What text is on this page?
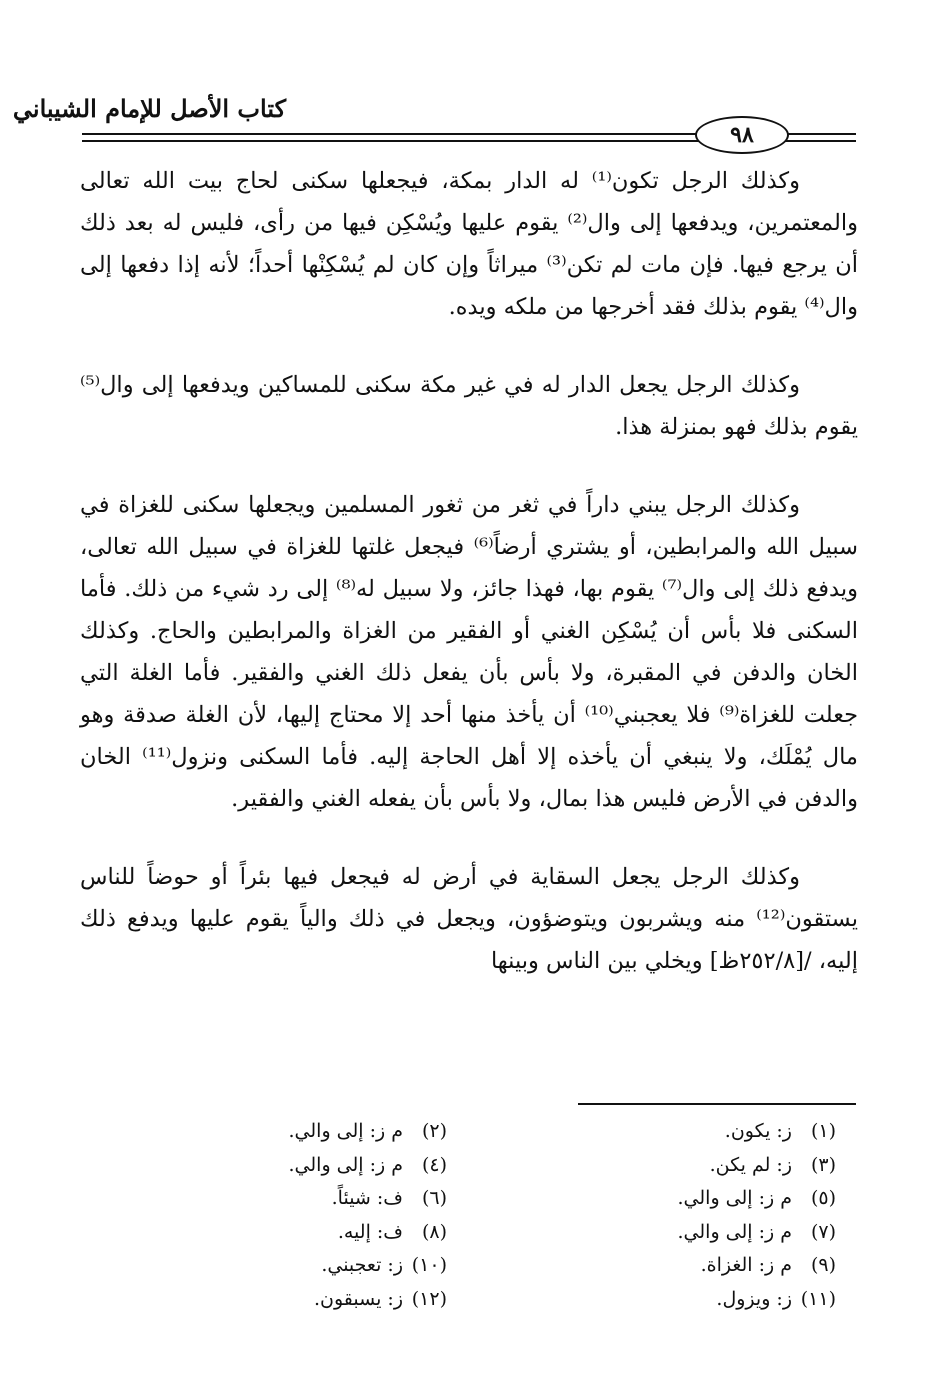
كتاب الأصل للإمام الشيباني
٩٨

وكذلك الرجل تكون⁽¹⁾ له الدار بمكة، فيجعلها سكنى لحاج بيت الله تعالى والمعتمرين، ويدفعها إلى وال⁽²⁾ يقوم عليها ويُسْكِن فيها من رأى، فليس له بعد ذلك أن يرجع فيها. فإن مات لم تكن⁽³⁾ ميراثاً وإن كان لم يُسْكِنْها أحداً؛ لأنه إذا دفعها إلى وال⁽⁴⁾ يقوم بذلك فقد أخرجها من ملكه ويده.

وكذلك الرجل يجعل الدار له في غير مكة سكنى للمساكين ويدفعها إلى وال⁽⁵⁾ يقوم بذلك فهو بمنزلة هذا.

وكذلك الرجل يبني داراً في ثغر من ثغور المسلمين ويجعلها سكنى للغزاة في سبيل الله والمرابطين، أو يشتري أرضاً⁽⁶⁾ فيجعل غلتها للغزاة في سبيل الله تعالى، ويدفع ذلك إلى وال⁽⁷⁾ يقوم بها، فهذا جائز، ولا سبيل له⁽⁸⁾ إلى رد شيء من ذلك. فأما السكنى فلا بأس أن يُسْكِن الغني أو الفقير من الغزاة والمرابطين والحاج. وكذلك الخان والدفن في المقبرة، ولا بأس بأن يفعل ذلك الغني والفقير. فأما الغلة التي جعلت للغزاة⁽⁹⁾ فلا يعجبني⁽¹⁰⁾ أن يأخذ منها أحد إلا محتاج إليها، لأن الغلة صدقة وهو مال يُمْلَك، ولا ينبغي أن يأخذه إلا أهل الحاجة إليه. فأما السكنى ونزول⁽¹¹⁾ الخان والدفن في الأرض فليس هذا بمال، ولا بأس بأن يفعله الغني والفقير.

وكذلك الرجل يجعل السقاية في أرض له فيجعل فيها بئراً أو حوضاً للناس يستقون⁽¹²⁾ منه ويشربون ويتوضؤون، ويجعل في ذلك والياً يقوم عليها ويدفع ذلك إليه، /[٢٥٢/٨ظ] ويخلي بين الناس وبينها

(١)ز: يكون.
(٢)م ز: إلى والي.
(٣)ز: لم يكن.
(٤)م ز: إلى والي.
(٥)م ز: إلى والي.
(٦)ف: شيئاً.
(٧)م ز: إلى والي.
(٨)ف: إليه.
(٩)م ز: الغزاة.
(١٠)ز: تعجبني.
(١١)ز: ويزول.
(١٢)ز: يسبقون.
